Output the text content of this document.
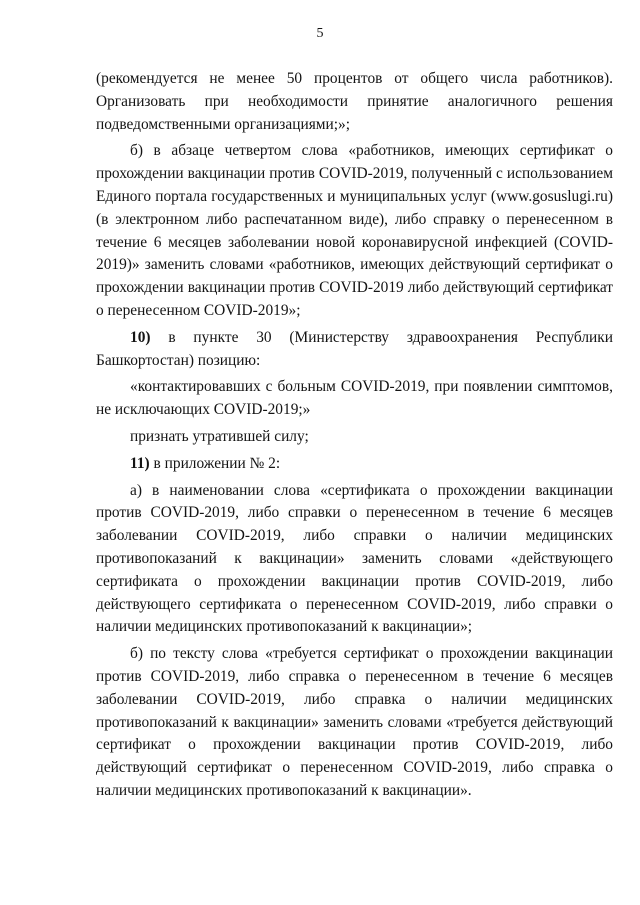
5

(рекомендуется не менее 50 процентов от общего числа работников). Организовать при необходимости принятие аналогичного решения подведомственными организациями;»;

б) в абзаце четвертом слова «работников, имеющих сертификат о прохождении вакцинации против COVID-2019, полученный с использованием Единого портала государственных и муниципальных услуг (www.gosuslugi.ru) (в электронном либо распечатанном виде), либо справку о перенесенном в течение 6 месяцев заболевании новой коронавирусной инфекцией (COVID-2019)» заменить словами «работников, имеющих действующий сертификат о прохождении вакцинации против COVID-2019 либо действующий сертификат о перенесенном COVID-2019»;

10) в пункте 30 (Министерству здравоохранения Республики Башкортостан) позицию:

«контактировавших с больным COVID-2019, при появлении симптомов, не исключающих COVID-2019;»

признать утратившей силу;

11) в приложении № 2:

а) в наименовании слова «сертификата о прохождении вакцинации против COVID-2019, либо справки о перенесенном в течение 6 месяцев заболевании COVID-2019, либо справки о наличии медицинских противопоказаний к вакцинации» заменить словами «действующего сертификата о прохождении вакцинации против COVID-2019, либо действующего сертификата о перенесенном COVID-2019, либо справки о наличии медицинских противопоказаний к вакцинации»;

б) по тексту слова «требуется сертификат о прохождении вакцинации против COVID-2019, либо справка о перенесенном в течение 6 месяцев заболевании COVID-2019, либо справка о наличии медицинских противопоказаний к вакцинации» заменить словами «требуется действующий сертификат о прохождении вакцинации против COVID-2019, либо действующий сертификат о перенесенном COVID-2019, либо справка о наличии медицинских противопоказаний к вакцинации».
